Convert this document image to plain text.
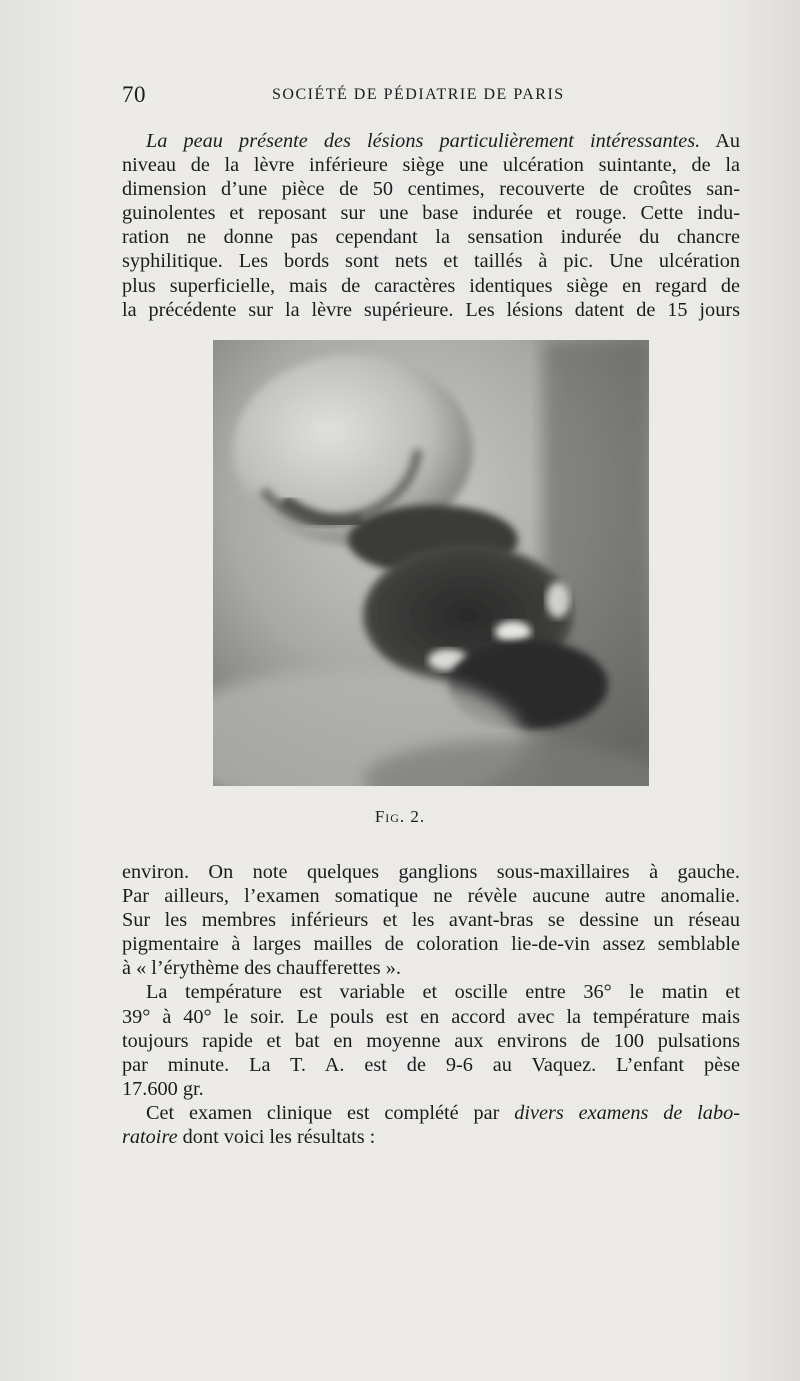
70	SOCIÉTÉ DE PÉDIATRIE DE PARIS
La peau présente des lésions particulièrement intéressantes. Au
niveau de la lèvre inférieure siège une ulcération suintante, de la
dimension d’une pièce de 50 centimes, recouverte de croûtes san-
guinolentes et reposant sur une base indurée et rouge. Cette indu-
ration ne donne pas cependant la sensation indurée du chancre
syphilitique. Les bords sont nets et taillés à pic. Une ulcération
plus superficielle, mais de caractères identiques siège en regard de
la précédente sur la lèvre supérieure. Les lésions datent de 15 jours
Fig. 2.
environ. On note quelques ganglions sous-maxillaires à gauche.
Par ailleurs, l’examen somatique ne révèle aucune autre anomalie.
Sur les membres inférieurs et les avant-bras se dessine un réseau
pigmentaire à larges mailles de coloration lie-de-vin assez semblable
à « l’érythème des chaufferettes ».
La température est variable et oscille entre 36° le matin et
39° à 40° le soir. Le pouls est en accord avec la température mais
toujours rapide et bat en moyenne aux environs de 100 pulsations
par minute. La T. A. est de 9-6 au Vaquez. L’enfant pèse
17.600 gr.
Cet examen clinique est complété par divers examens de labo-
ratoire dont voici les résultats :
